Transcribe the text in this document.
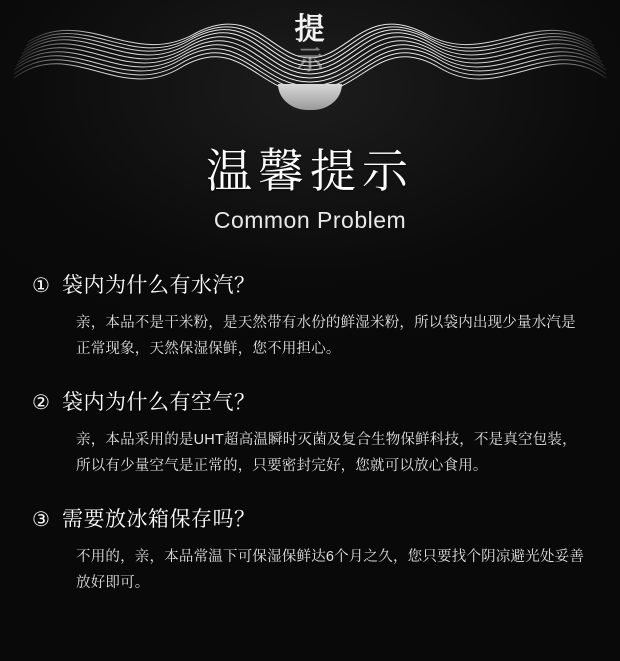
提
示
温馨提示

Common Problem

① 袋内为什么有水汽？
亲，本品不是干米粉，是天然带有水份的鲜湿米粉，所以袋内出现少量水汽是正常现象，天然保湿保鲜，您不用担心。
② 袋内为什么有空气？
亲，本品采用的是UHT超高温瞬时灭菌及复合生物保鲜科技，不是真空包装，所以有少量空气是正常的，只要密封完好，您就可以放心食用。
③ 需要放冰箱保存吗？
不用的，亲，本品常温下可保湿保鲜达6个月之久，您只要找个阴凉避光处妥善放好即可。
